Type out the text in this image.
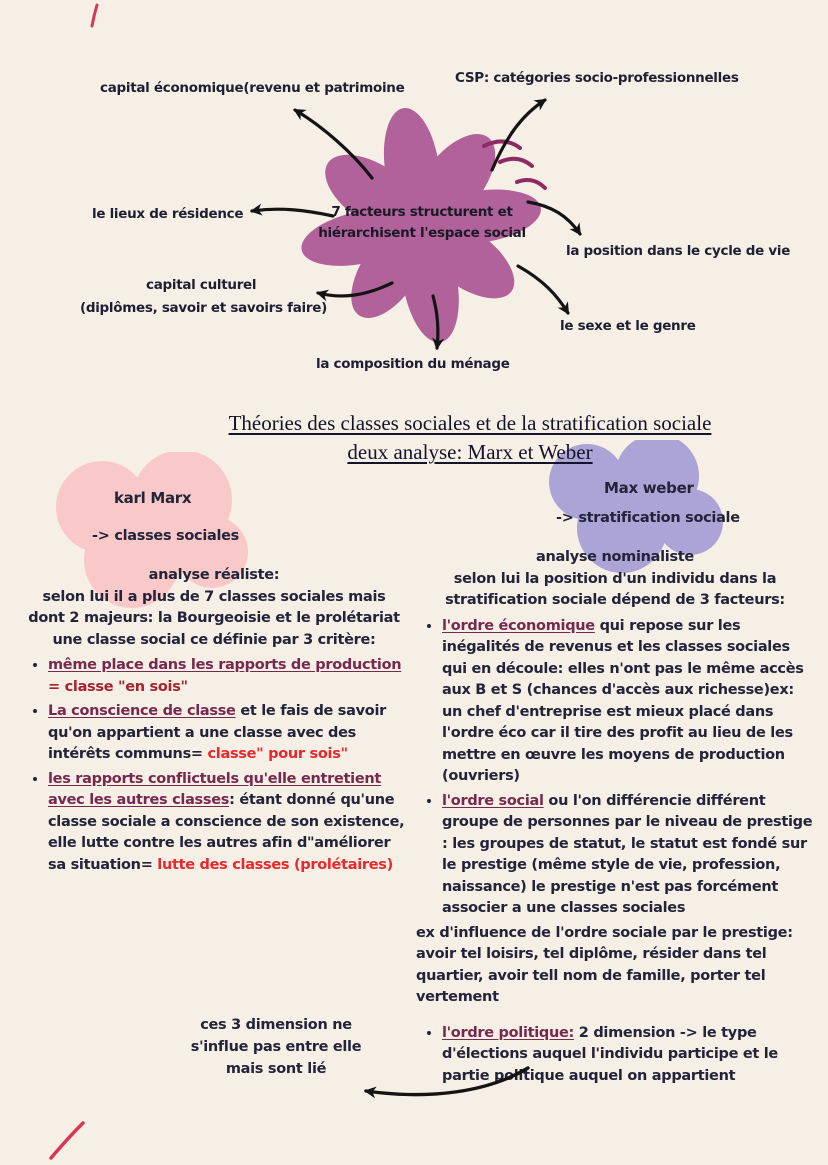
capital économique(revenu et patrimoine
CSP: catégories socio-professionnelles
le lieux de résidence
la position dans le cycle de vie
capital culturel
(diplômes, savoir et savoirs faire)
le sexe et le genre
la composition du ménage
7 facteurs structurent et
hiérarchisent l'espace social
Théories des classes sociales et de la stratification sociale
deux analyse: Marx et Weber
karl Marx
-> classes sociales
analyse réaliste:
selon lui il a plus de 7 classes sociales mais dont 2 majeurs: la Bourgeoisie et le prolétariat une classe social ce définie par 3 critère:
• même place dans les rapports de production = classe "en sois"
• La conscience de classe et le fais de savoir qu'on appartient a une classe avec des intérêts communs= classe" pour sois"
• les rapports conflictuels qu'elle entretient avec les autres classes: étant donné qu'une classe sociale a conscience de son existence, elle lutte contre les autres afin d"améliorer sa situation= lutte des classes (prolétaires)
Max weber
-> stratification sociale
analyse nominaliste
selon lui la position d'un individu dans la stratification sociale dépend de 3 facteurs:
• l'ordre économique qui repose sur les inégalités de revenus et les classes sociales qui en découle: elles n'ont pas le même accès aux B et S (chances d'accès aux richesse)ex: un chef d'entreprise est mieux placé dans l'ordre éco car il tire des profit au lieu de les mettre en œuvre les moyens de production (ouvriers)
• l'ordre social ou l'on différencie différent groupe de personnes par le niveau de prestige : les groupes de statut, le statut est fondé sur le prestige (même style de vie, profession, naissance) le prestige n'est pas forcément associer a une classes sociales
ex d'influence de l'ordre sociale par le prestige: avoir tel loisirs, tel diplôme, résider dans tel quartier, avoir tell nom de famille, porter tel vertement
• l'ordre politique: 2 dimension -> le type d'élections auquel l'individu participe et le partie politique auquel on appartient
ces 3 dimension ne s'influe pas entre elle mais sont lié
